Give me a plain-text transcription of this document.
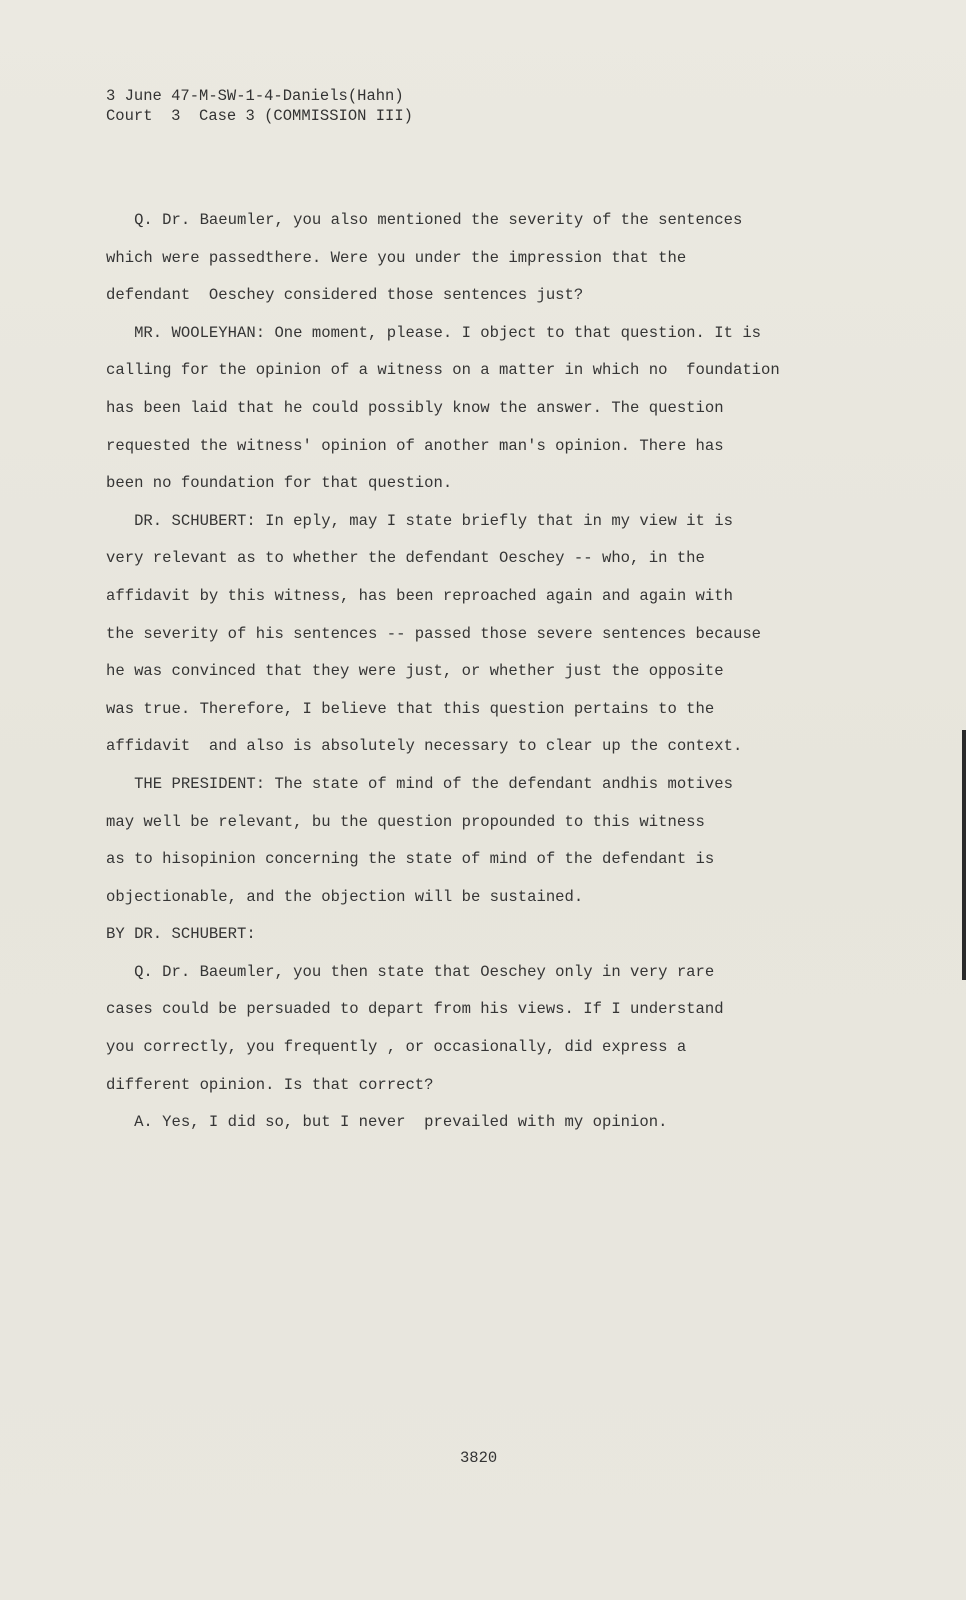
3 June 47-M-SW-1-4-Daniels(Hahn)
Court  3  Case 3 (COMMISSION III)
Q. Dr. Baeumler, you also mentioned the severity of the sentences
which were passedthere. Were you under the impression that the
defendant  Oeschey considered those sentences just?
MR. WOOLEYHAN: One moment, please. I object to that question. It is
calling for the opinion of a witness on a matter in which no  foundation
has been laid that he could possibly know the answer. The question
requested the witness' opinion of another man's opinion. There has
been no foundation for that question.
DR. SCHUBERT: In eply, may I state briefly that in my view it is
very relevant as to whether the defendant Oeschey -- who, in the
affidavit by this witness, has been reproached again and again with
the severity of his sentences -- passed those severe sentences because
he was convinced that they were just, or whether just the opposite
was true. Therefore, I believe that this question pertains to the
affidavit  and also is absolutely necessary to clear up the context.
THE PRESIDENT: The state of mind of the defendant andhis motives
may well be relevant, bu the question propounded to this witness
as to hisopinion concerning the state of mind of the defendant is
objectionable, and the objection will be sustained.
BY DR. SCHUBERT:
Q. Dr. Baeumler, you then state that Oeschey only in very rare
cases could be persuaded to depart from his views. If I understand
you correctly, you frequently , or occasionally, did express a
different opinion. Is that correct?
A. Yes, I did so, but I never  prevailed with my opinion.
3820
